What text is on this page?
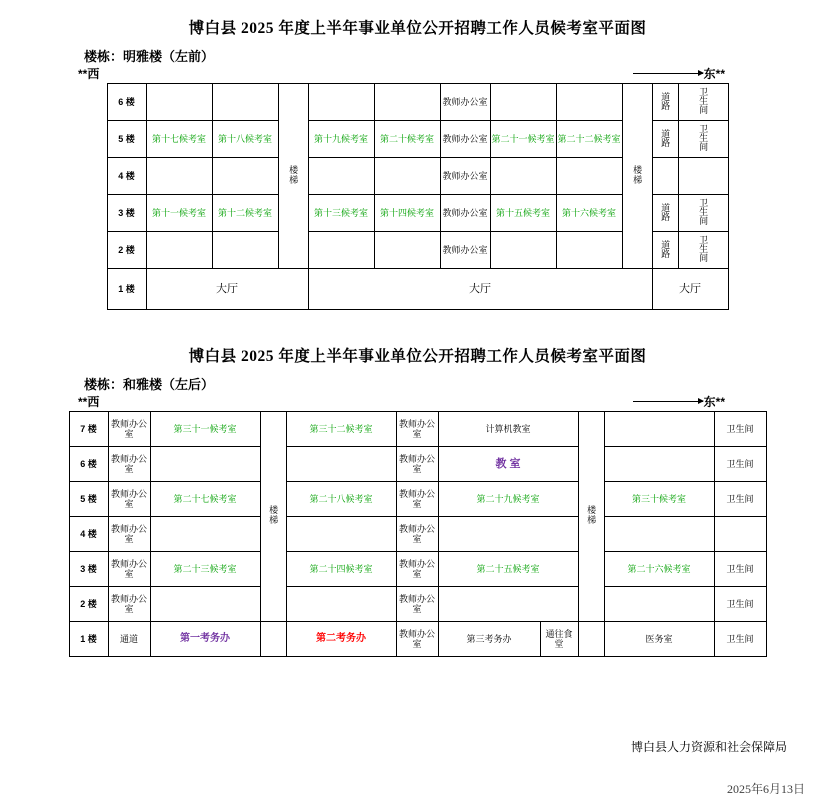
博白县 2025 年度上半年事业单位公开招聘工作人员候考室平面图
楼栋：明雅楼（左前）
**西	东**
6 楼			楼梯			教师办公室			楼梯	道路	卫生间
5 楼	第十七候考室	第十八候考室		第十九候考室	第二十候考室	教师办公室	第二十一候考室	第二十二候考室		道路	卫生间
4 楼						教师办公室					
3 楼	第十一候考室	第十二候考室		第十三候考室	第十四候考室	教师办公室	第十五候考室	第十六候考室		道路	卫生间
2 楼						教师办公室				道路	卫生间
1 楼	大厅			大厅						大厅	
博白县 2025 年度上半年事业单位公开招聘工作人员候考室平面图
楼栋：和雅楼（左后）
**西	东**
7 楼	教师办公室	第三十一候考室	楼梯	第三十二候考室	教师办公室	计算机教室		楼梯		卫生间
6 楼	教师办公室				教师办公室	教 室				卫生间
5 楼	教师办公室	第二十七候考室		第二十八候考室	教师办公室	第二十九候考室			第三十候考室	卫生间
4 楼	教师办公室				教师办公室					
3 楼	教师办公室	第二十三候考室		第二十四候考室	教师办公室	第二十五候考室			第二十六候考室	卫生间
2 楼	教师办公室				教师办公室					卫生间
1 楼	通道	第一考务办		第二考务办	教师办公室	第三考务办	通往食堂		医务室	卫生间
博白县人力资源和社会保障局
2025年6月13日
